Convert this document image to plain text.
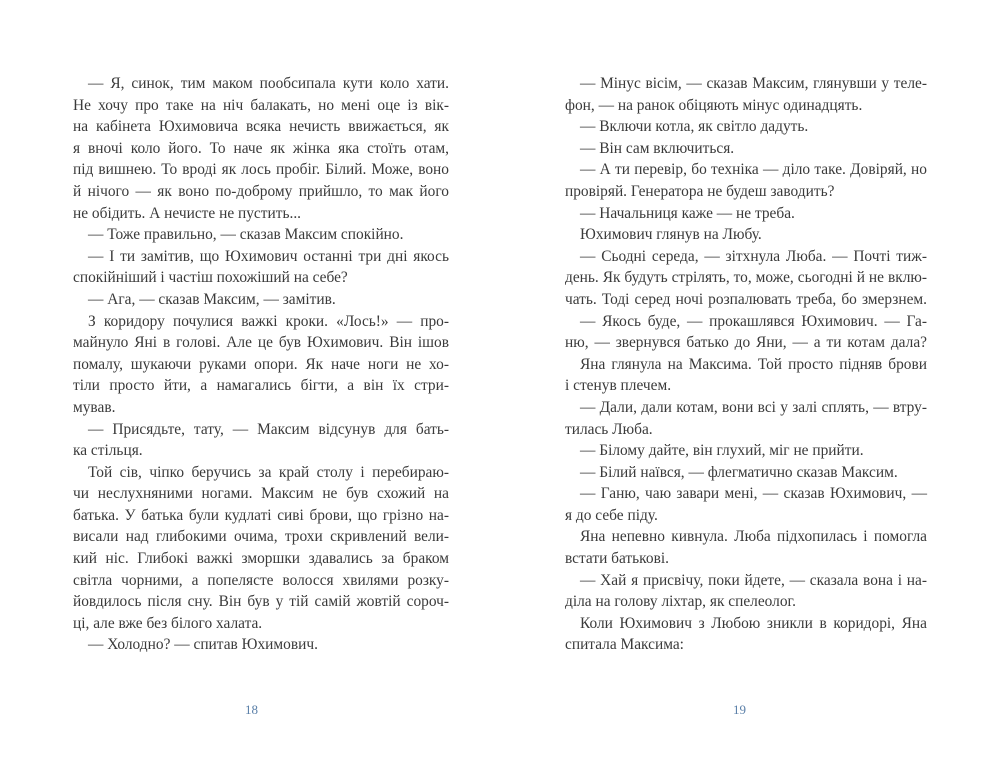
— Я, синок, тим маком пообсипала кути коло хати.
Не хочу про таке на ніч балакать, но мені оце із вік-
на кабінета Юхимовича всяка нечисть ввижається, як
я вночі коло його. То наче як жінка яка стоїть отам,
під вишнею. То вроді як лось пробіг. Білий. Може, воно
й нічого — як воно по-доброму прийшло, то мак його
не обідить. А нечисте не пустить...
— Тоже правильно, — сказав Максим спокійно.
— І ти замітив, що Юхимович останні три дні якось
спокійніший і частіш похожіший на себе?
— Ага, — сказав Максим, — замітив.
З коридору почулися важкі кроки. «Лось!» — про-
майнуло Яні в голові. Але це був Юхимович. Він ішов
помалу, шукаючи руками опори. Як наче ноги не хо-
тіли просто йти, а намагались бігти, а він їх стри-
мував.
— Присядьте, тату, — Максим відсунув для бать-
ка стільця.
Той сів, чіпко беручись за край столу і перебираю-
чи неслухняними ногами. Максим не був схожий на
батька. У батька були кудлаті сиві брови, що грізно на-
висали над глибокими очима, трохи скривлений вели-
кий ніс. Глибокі важкі зморшки здавались за браком
світла чорними, а попелясте волосся хвилями розку-
йовдилось після сну. Він був у тій самій жовтій сороч-
ці, але вже без білого халата.
— Холодно? — спитав Юхимович.
— Мінус вісім, — сказав Максим, глянувши у теле-
фон, — на ранок обіцяють мінус одинадцять.
— Включи котла, як світло дадуть.
— Він сам включиться.
— А ти перевір, бо техніка — діло таке. Довіряй, но
провіряй. Генератора не будеш заводить?
— Начальниця каже — не треба.
Юхимович глянув на Любу.
— Сьодні середа, — зітхнула Люба. — Почті тиж-
день. Як будуть стрілять, то, може, сьогодні й не вклю-
чать. Тоді серед ночі розпалювать треба, бо змерзнем.
— Якось буде, — прокашлявся Юхимович. — Га-
ню, — звернувся батько до Яни, — а ти котам дала?
Яна глянула на Максима. Той просто підняв брови
і стенув плечем.
— Дали, дали котам, вони всі у залі сплять, — втру-
тилась Люба.
— Білому дайте, він глухий, міг не прийти.
— Білий наївся, — флегматично сказав Максим.
— Ганю, чаю завари мені, — сказав Юхимович, —
я до себе піду.
Яна непевно кивнула. Люба підхопилась і помогла
встати батькові.
— Хай я присвічу, поки йдете, — сказала вона і на-
діла на голову ліхтар, як спелеолог.
Коли Юхимович з Любою зникли в коридорі, Яна
спитала Максима:
18	19
